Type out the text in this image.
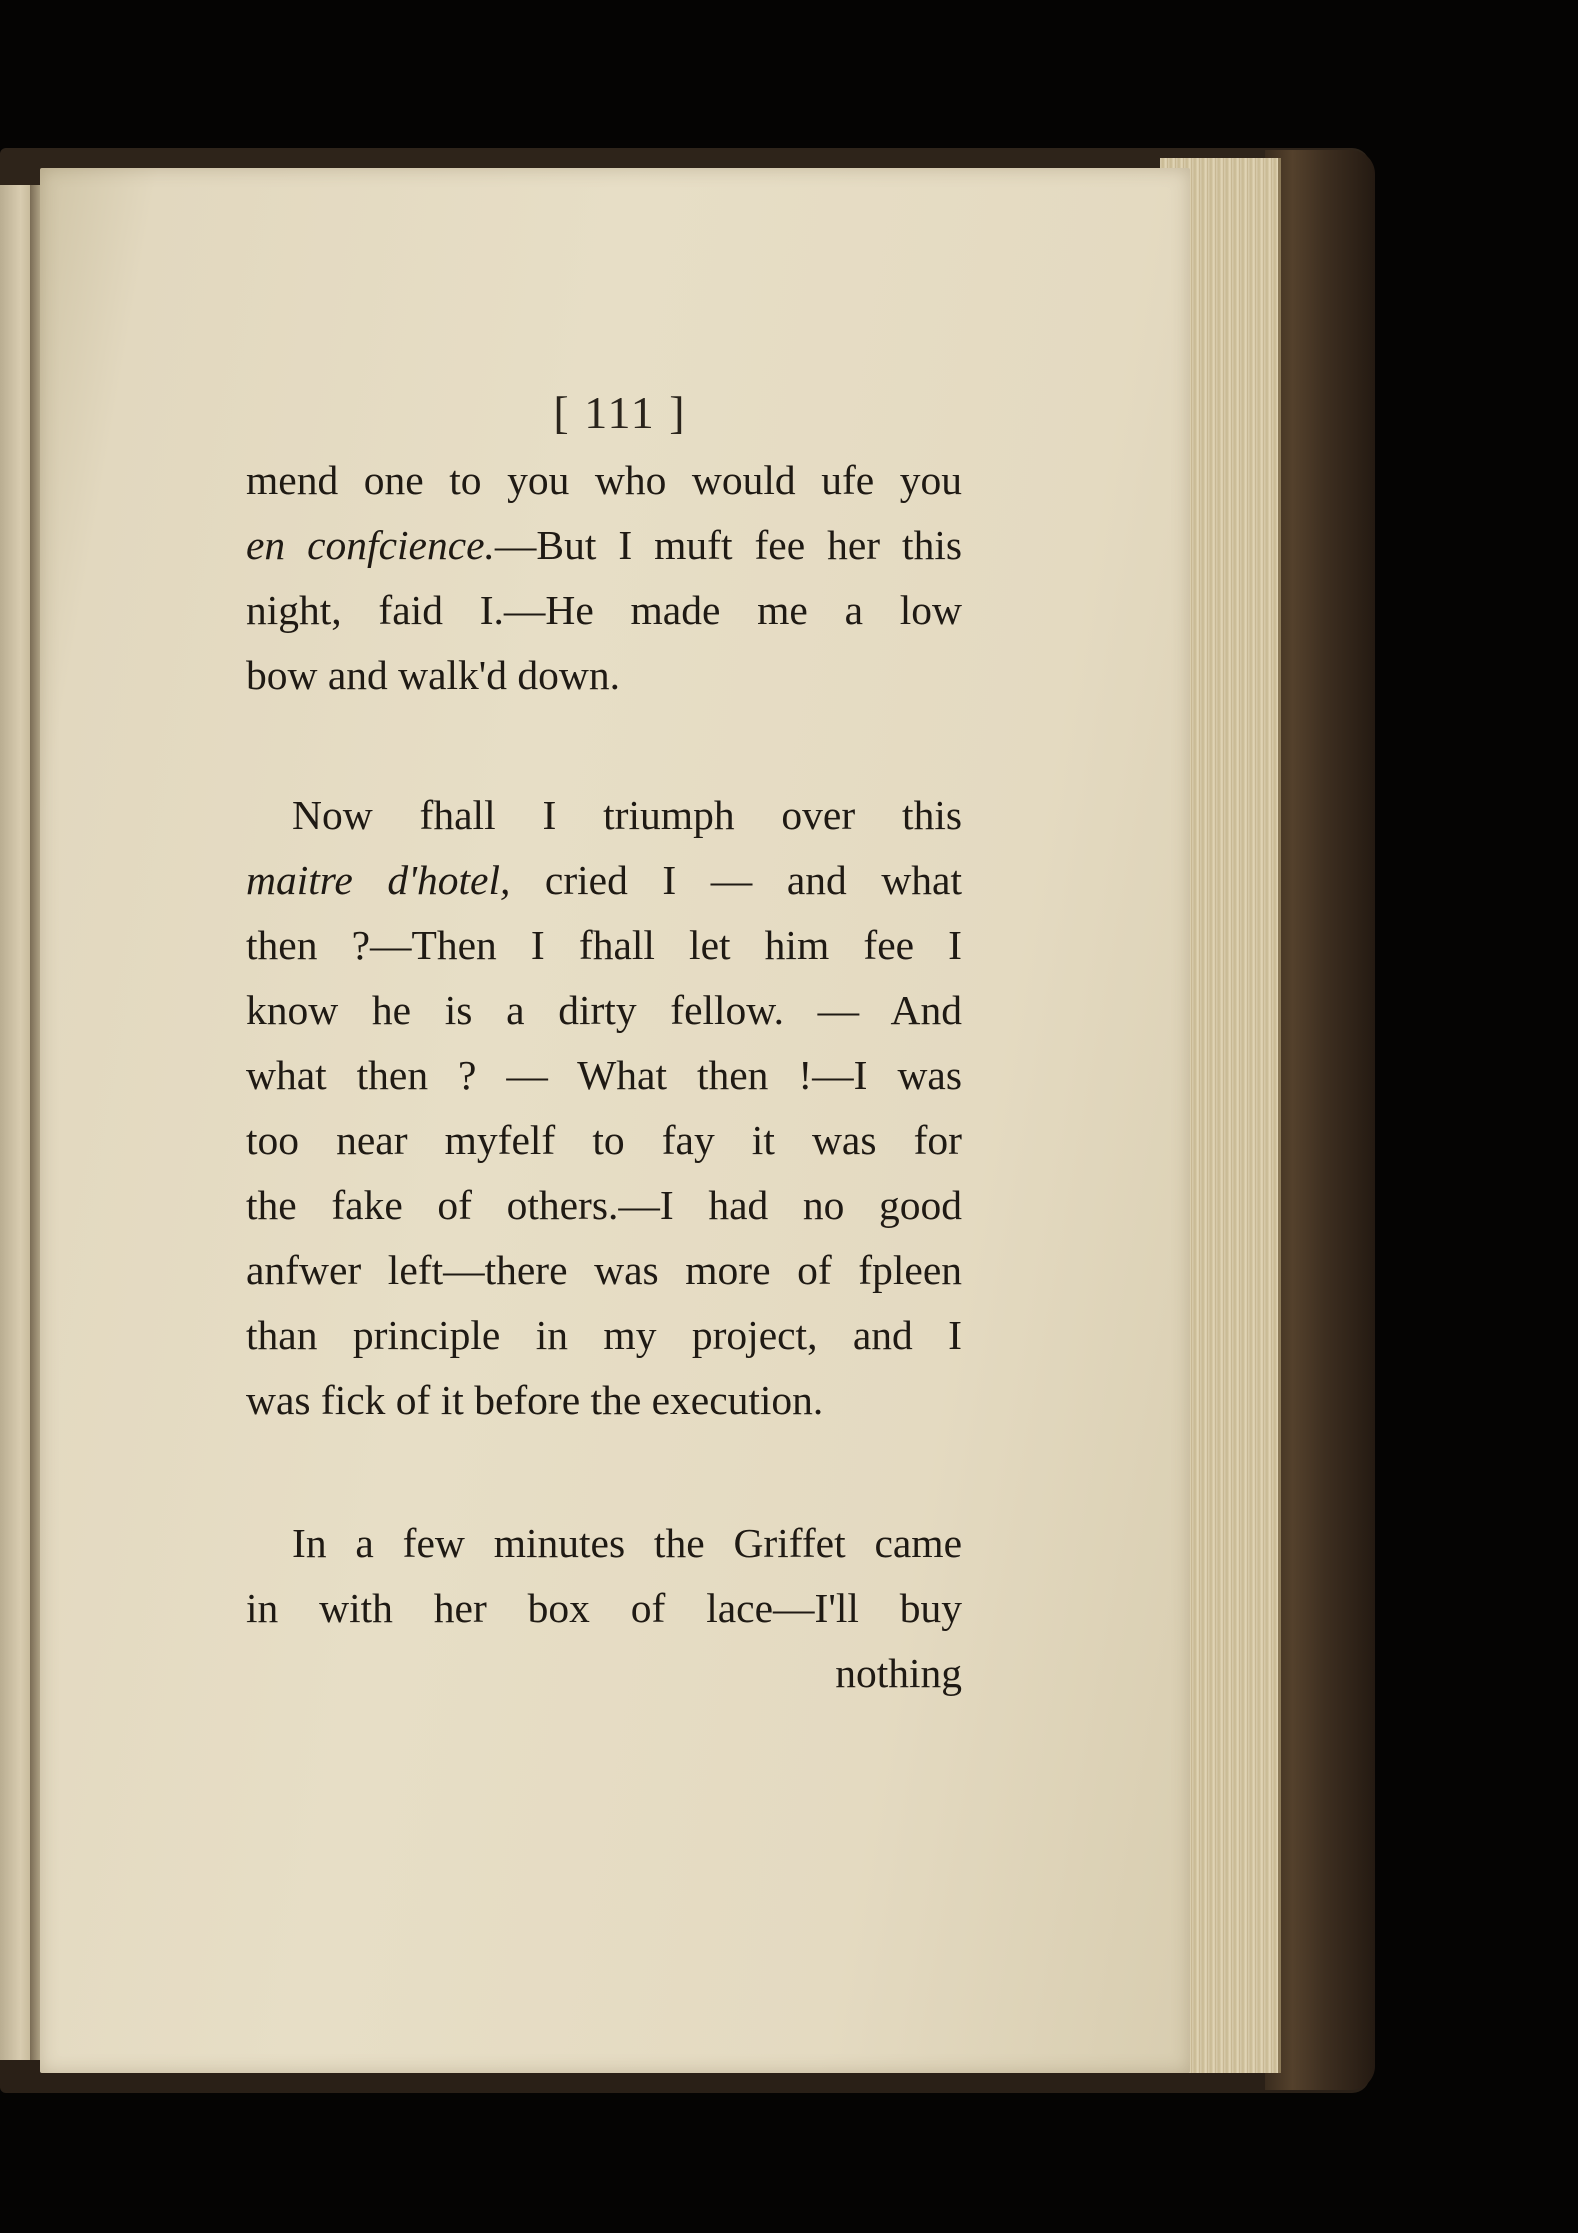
[ 111 ]
mend one to you who would ufe you
en confcience.—But I muft fee her this
night, faid I.—He made me a low
bow and walk'd down.
Now fhall I triumph over this
maitre d'hotel, cried I — and what
then ?—Then I fhall let him fee I
know he is a dirty fellow. — And
what then ? — What then !—I was
too near myfelf to fay it was for
the fake of others.—I had no good
anfwer left—there was more of fpleen
than principle in my project, and I
was fick of it before the execution.
In a few minutes the Griffet came
in with her box of lace—I'll buy
nothing
